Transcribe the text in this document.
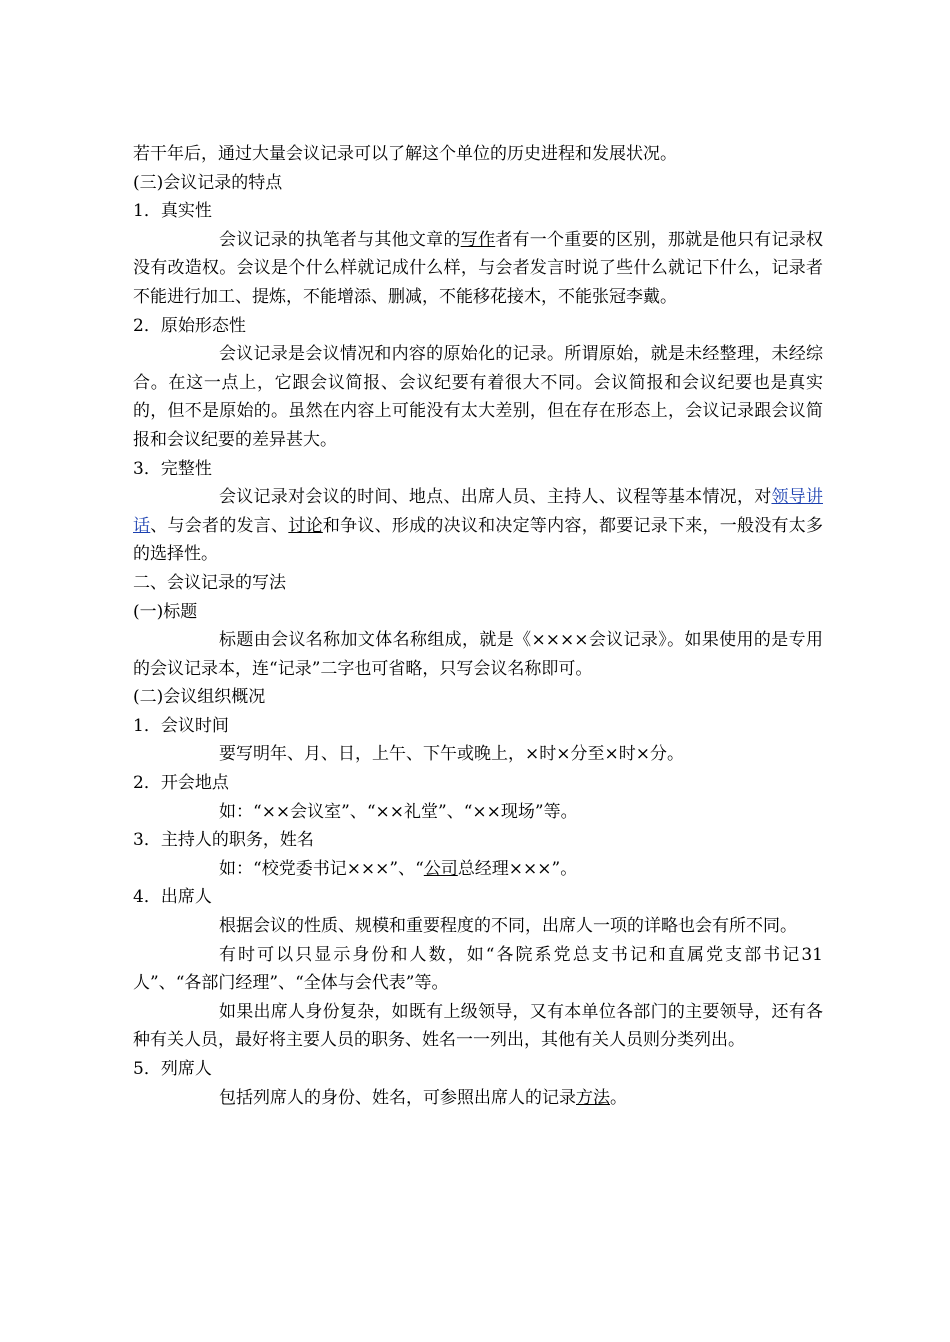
若干年后，通过大量会议记录可以了解这个单位的历史进程和发展状况。
(三)会议记录的特点
1．真实性
会议记录的执笔者与其他文章的写作者有一个重要的区别，那就是他只有记录权没有改造权。会议是个什么样就记成什么样，与会者发言时说了些什么就记下什么，记录者不能进行加工、提炼，不能增添、删减，不能移花接木，不能张冠李戴。
2．原始形态性
会议记录是会议情况和内容的原始化的记录。所谓原始，就是未经整理，未经综合。在这一点上，它跟会议简报、会议纪要有着很大不同。会议简报和会议纪要也是真实的，但不是原始的。虽然在内容上可能没有太大差别，但在存在形态上，会议记录跟会议简报和会议纪要的差异甚大。
3．完整性
会议记录对会议的时间、地点、出席人员、主持人、议程等基本情况，对领导讲话、与会者的发言、讨论和争议、形成的决议和决定等内容，都要记录下来，一般没有太多的选择性。
二、会议记录的写法
(一)标题
标题由会议名称加文体名称组成，就是《××××会议记录》。如果使用的是专用的会议记录本，连“记录”二字也可省略，只写会议名称即可。
(二)会议组织概况
1．会议时间
要写明年、月、日，上午、下午或晚上，×时×分至×时×分。
2．开会地点
如：“××会议室”、“××礼堂”、“××现场”等。
3．主持人的职务，姓名
如：“校党委书记×××”、“公司总经理×××”。
4．出席人
根据会议的性质、规模和重要程度的不同，出席人一项的详略也会有所不同。
有时可以只显示身份和人数，如“各院系党总支书记和直属党支部书记31人”、“各部门经理”、“全体与会代表”等。
如果出席人身份复杂，如既有上级领导，又有本单位各部门的主要领导，还有各种有关人员，最好将主要人员的职务、姓名一一列出，其他有关人员则分类列出。
5．列席人
包括列席人的身份、姓名，可参照出席人的记录方法。
